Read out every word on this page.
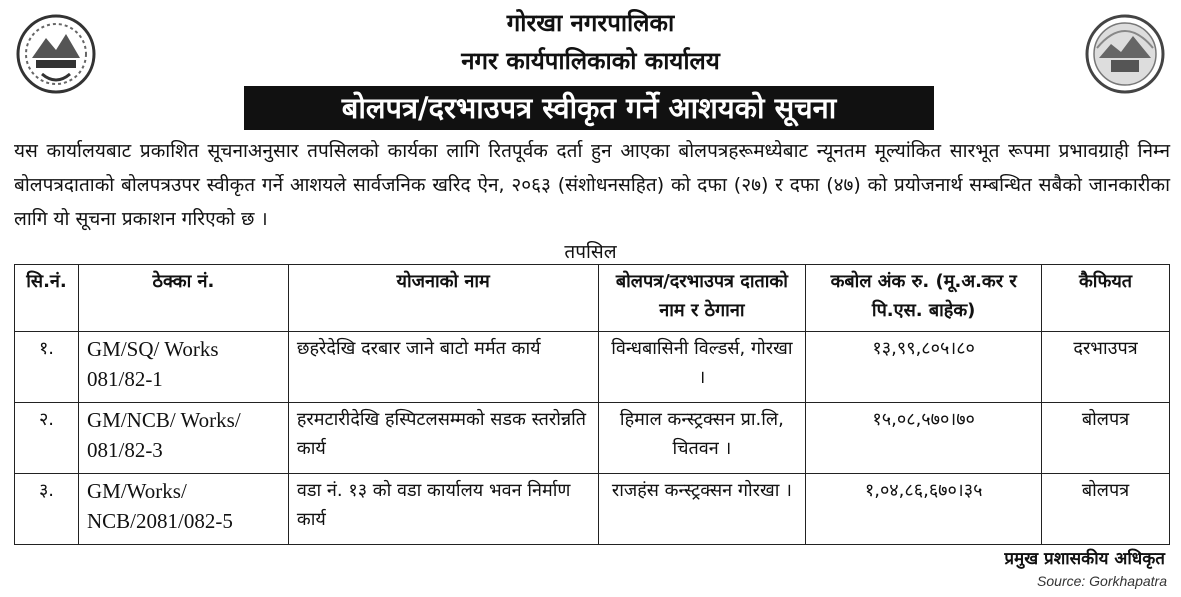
गोरखा नगरपालिका
नगर कार्यपालिकाको कार्यालय
बोलपत्र/दरभाउपत्र स्वीकृत गर्ने आशयको सूचना
यस कार्यालयबाट प्रकाशित सूचनाअनुसार तपसिलको कार्यका लागि रितपूर्वक दर्ता हुन आएका बोलपत्रहरूमध्येबाट न्यूनतम मूल्यांकित सारभूत रूपमा प्रभावग्राही निम्न बोलपत्रदाताको बोलपत्रउपर स्वीकृत गर्ने आशयले सार्वजनिक खरिद ऐन, २०६३ (संशोधनसहित) को दफा (२७) र दफा (४७) को प्रयोजनार्थ सम्बन्धित सबैको जानकारीका लागि यो सूचना प्रकाशन गरिएको छ ।
तपसिल
सि.नं.	ठेक्का नं.	योजनाको नाम	बोलपत्र/दरभाउपत्र दाताको नाम र ठेगाना	कबोल अंक रु. (मू.अ.कर र पि.एस. बाहेक)	कैफियत
१.	GM/SQ/ Works 081/82-1	छहरेदेखि दरबार जाने बाटो मर्मत कार्य	विन्धबासिनी विल्डर्स, गोरखा ।	१३,९९,८०५।८०	दरभाउपत्र
२.	GM/NCB/ Works/ 081/82-3	हरमटारीदेखि हस्पिटलसम्मको सडक स्तरोन्नति कार्य	हिमाल कन्स्ट्रक्सन प्रा.लि, चितवन ।	१५,०८,५७०।७०	बोलपत्र
३.	GM/Works/ NCB/2081/082-5	वडा नं. १३ को वडा कार्यालय भवन निर्माण कार्य	राजहंस कन्स्ट्रक्सन गोरखा ।	१,०४,८६,६७०।३५	बोलपत्र
प्रमुख प्रशासकीय अधिकृत
Source: Gorkhapatra
